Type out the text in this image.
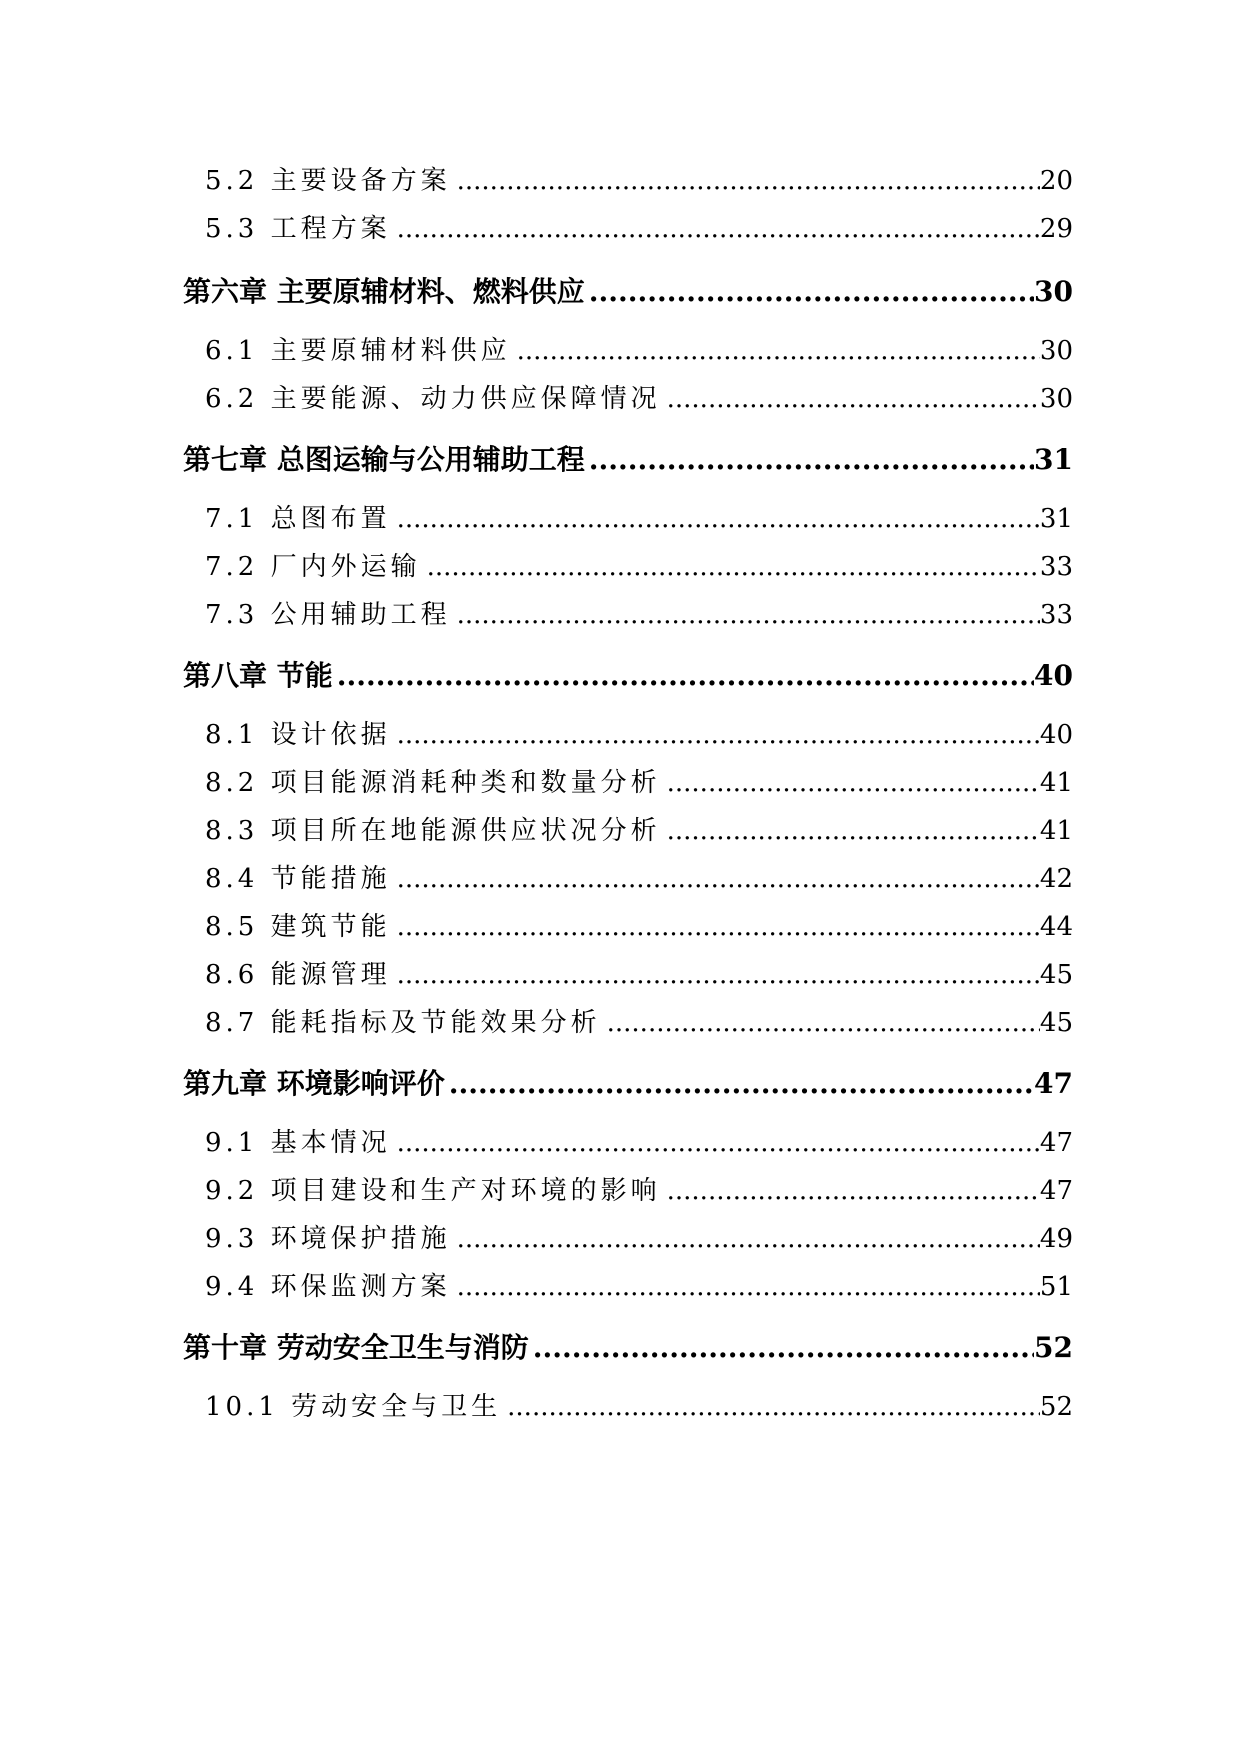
5.2 主要设备方案 .....	20
5.3 工程方案 .....	29
第六章 主要原辅材料、燃料供应 .....	30
6.1 主要原辅材料供应 .....	30
6.2 主要能源、动力供应保障情况 .....	30
第七章 总图运输与公用辅助工程 .....	31
7.1 总图布置 .....	31
7.2 厂内外运输 .....	33
7.3 公用辅助工程 .....	33
第八章 节能 .....	40
8.1 设计依据 .....	40
8.2 项目能源消耗种类和数量分析 .....	41
8.3 项目所在地能源供应状况分析 .....	41
8.4 节能措施 .....	42
8.5 建筑节能 .....	44
8.6 能源管理 .....	45
8.7 能耗指标及节能效果分析 .....	45
第九章 环境影响评价 .....	47
9.1 基本情况 .....	47
9.2 项目建设和生产对环境的影响 .....	47
9.3 环境保护措施 .....	49
9.4 环保监测方案 .....	51
第十章 劳动安全卫生与消防 .....	52
10.1 劳动安全与卫生 .....	52
